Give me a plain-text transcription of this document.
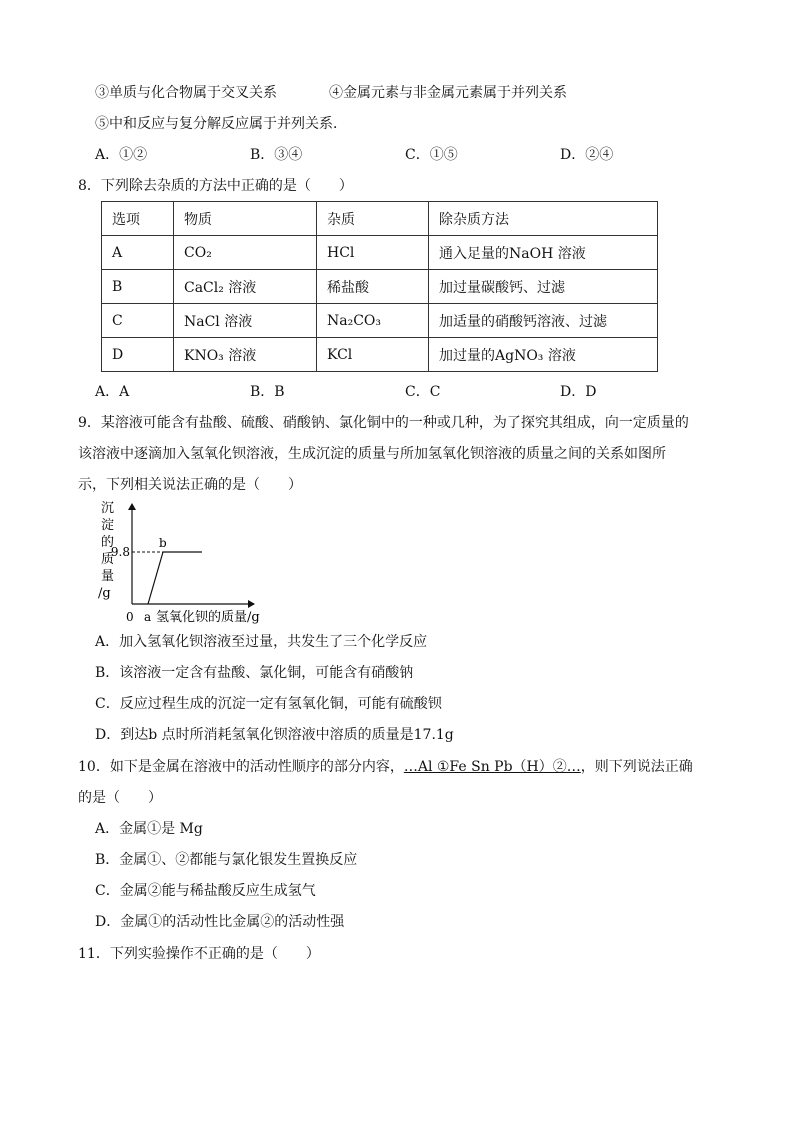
③单质与化合物属于交叉关系	④金属元素与非金属元素属于并列关系
⑤中和反应与复分解反应属于并列关系．
A．①②	B．③④	C．①⑤	D．②④
8．下列除去杂质的方法中正确的是（　　）
选项	物质	杂质	除杂质方法
A	CO₂	HCl	通入足量的NaOH 溶液
B	CaCl₂ 溶液	稀盐酸	加过量碳酸钙、过滤
C	NaCl 溶液	Na₂CO₃	加适量的硝酸钙溶液、过滤
D	KNO₃ 溶液	KCl	加过量的AgNO₃ 溶液
A．A	B．B	C．C	D．D
9．某溶液可能含有盐酸、硫酸、硝酸钠、氯化铜中的一种或几种，为了探究其组成，向一定质量的
该溶液中逐滴加入氢氧化钡溶液，生成沉淀的质量与所加氢氧化钡溶液的质量之间的关系如图所
示，下列相关说法正确的是（　　）
沉
淀
的
质
量
/g
9.8
b
0 a 氢氧化钡的质量/g
A．加入氢氧化钡溶液至过量，共发生了三个化学反应
B．该溶液一定含有盐酸、氯化铜，可能含有硝酸钠
C．反应过程生成的沉淀一定有氢氧化铜，可能有硫酸钡
D．到达b 点时所消耗氢氧化钡溶液中溶质的质量是17.1g
10．如下是金属在溶液中的活动性顺序的部分内容，…Al ①Fe Sn Pb（H）②…，则下列说法正确
的是（　　）
A．金属①是 Mg
B．金属①、②都能与氯化银发生置换反应
C．金属②能与稀盐酸反应生成氢气
D．金属①的活动性比金属②的活动性强
11．下列实验操作不正确的是（　　）
